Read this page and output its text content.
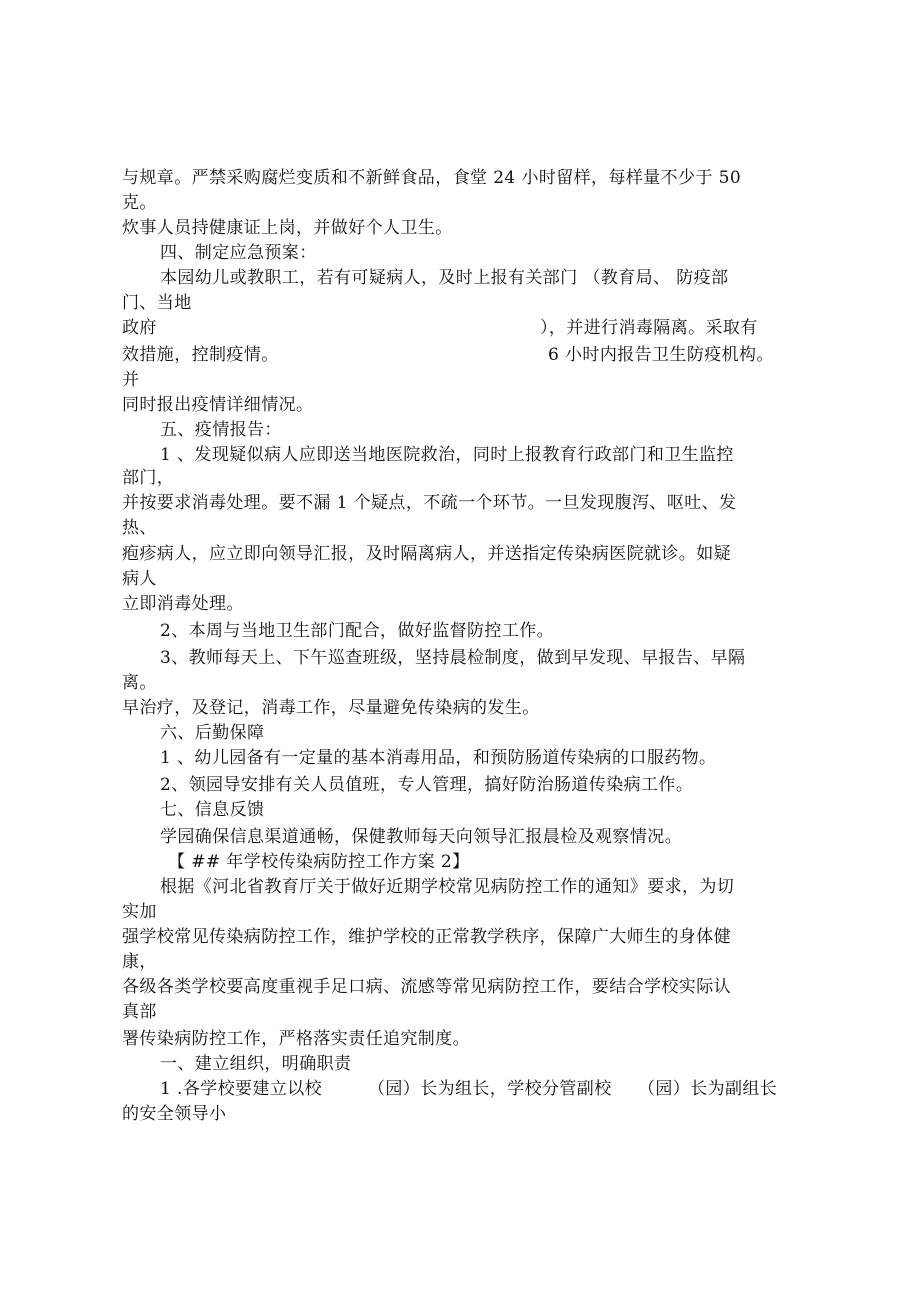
与规章。严禁采购腐烂变质和不新鲜食品，食堂 24 小时留样，每样量不少于 50
克。
炊事人员持健康证上岗，并做好个人卫生。
四、制定应急预案：
本园幼儿或教职工，若有可疑病人，及时上报有关部门 （教育局、 防疫部
门、当地
政府	），并进行消毒隔离。采取有
效措施，控制疫情。	6 小时内报告卫生防疫机构。
并
同时报出疫情详细情况。
五、疫情报告：
1 、发现疑似病人应即送当地医院救治，同时上报教育行政部门和卫生监控
部门，
并按要求消毒处理。要不漏 1 个疑点，不疏一个环节。一旦发现腹泻、呕吐、发
热、
疱疹病人，应立即向领导汇报，及时隔离病人，并送指定传染病医院就诊。如疑
病人
立即消毒处理。
2、本周与当地卫生部门配合，做好监督防控工作。
3、教师每天上、下午巡查班级，坚持晨检制度，做到早发现、早报告、早隔
离。
早治疗，及登记，消毒工作，尽量避免传染病的发生。
六、后勤保障
1 、幼儿园备有一定量的基本消毒用品，和预防肠道传染病的口服药物。
2、领园导安排有关人员值班，专人管理，搞好防治肠道传染病工作。
七、信息反馈
学园确保信息渠道通畅，保健教师每天向领导汇报晨检及观察情况。
【 ## 年学校传染病防控工作方案 2】
根据《河北省教育厅关于做好近期学校常见病防控工作的通知》要求，为切
实加
强学校常见传染病防控工作，维护学校的正常教学秩序，保障广大师生的身体健
康，
各级各类学校要高度重视手足口病、流感等常见病防控工作，要结合学校实际认
真部
署传染病防控工作，严格落实责任追究制度。
一、建立组织，明确职责
1 .各学校要建立以校	（园）长为组长，学校分管副校 （园）长为副组长
的安全领导小
